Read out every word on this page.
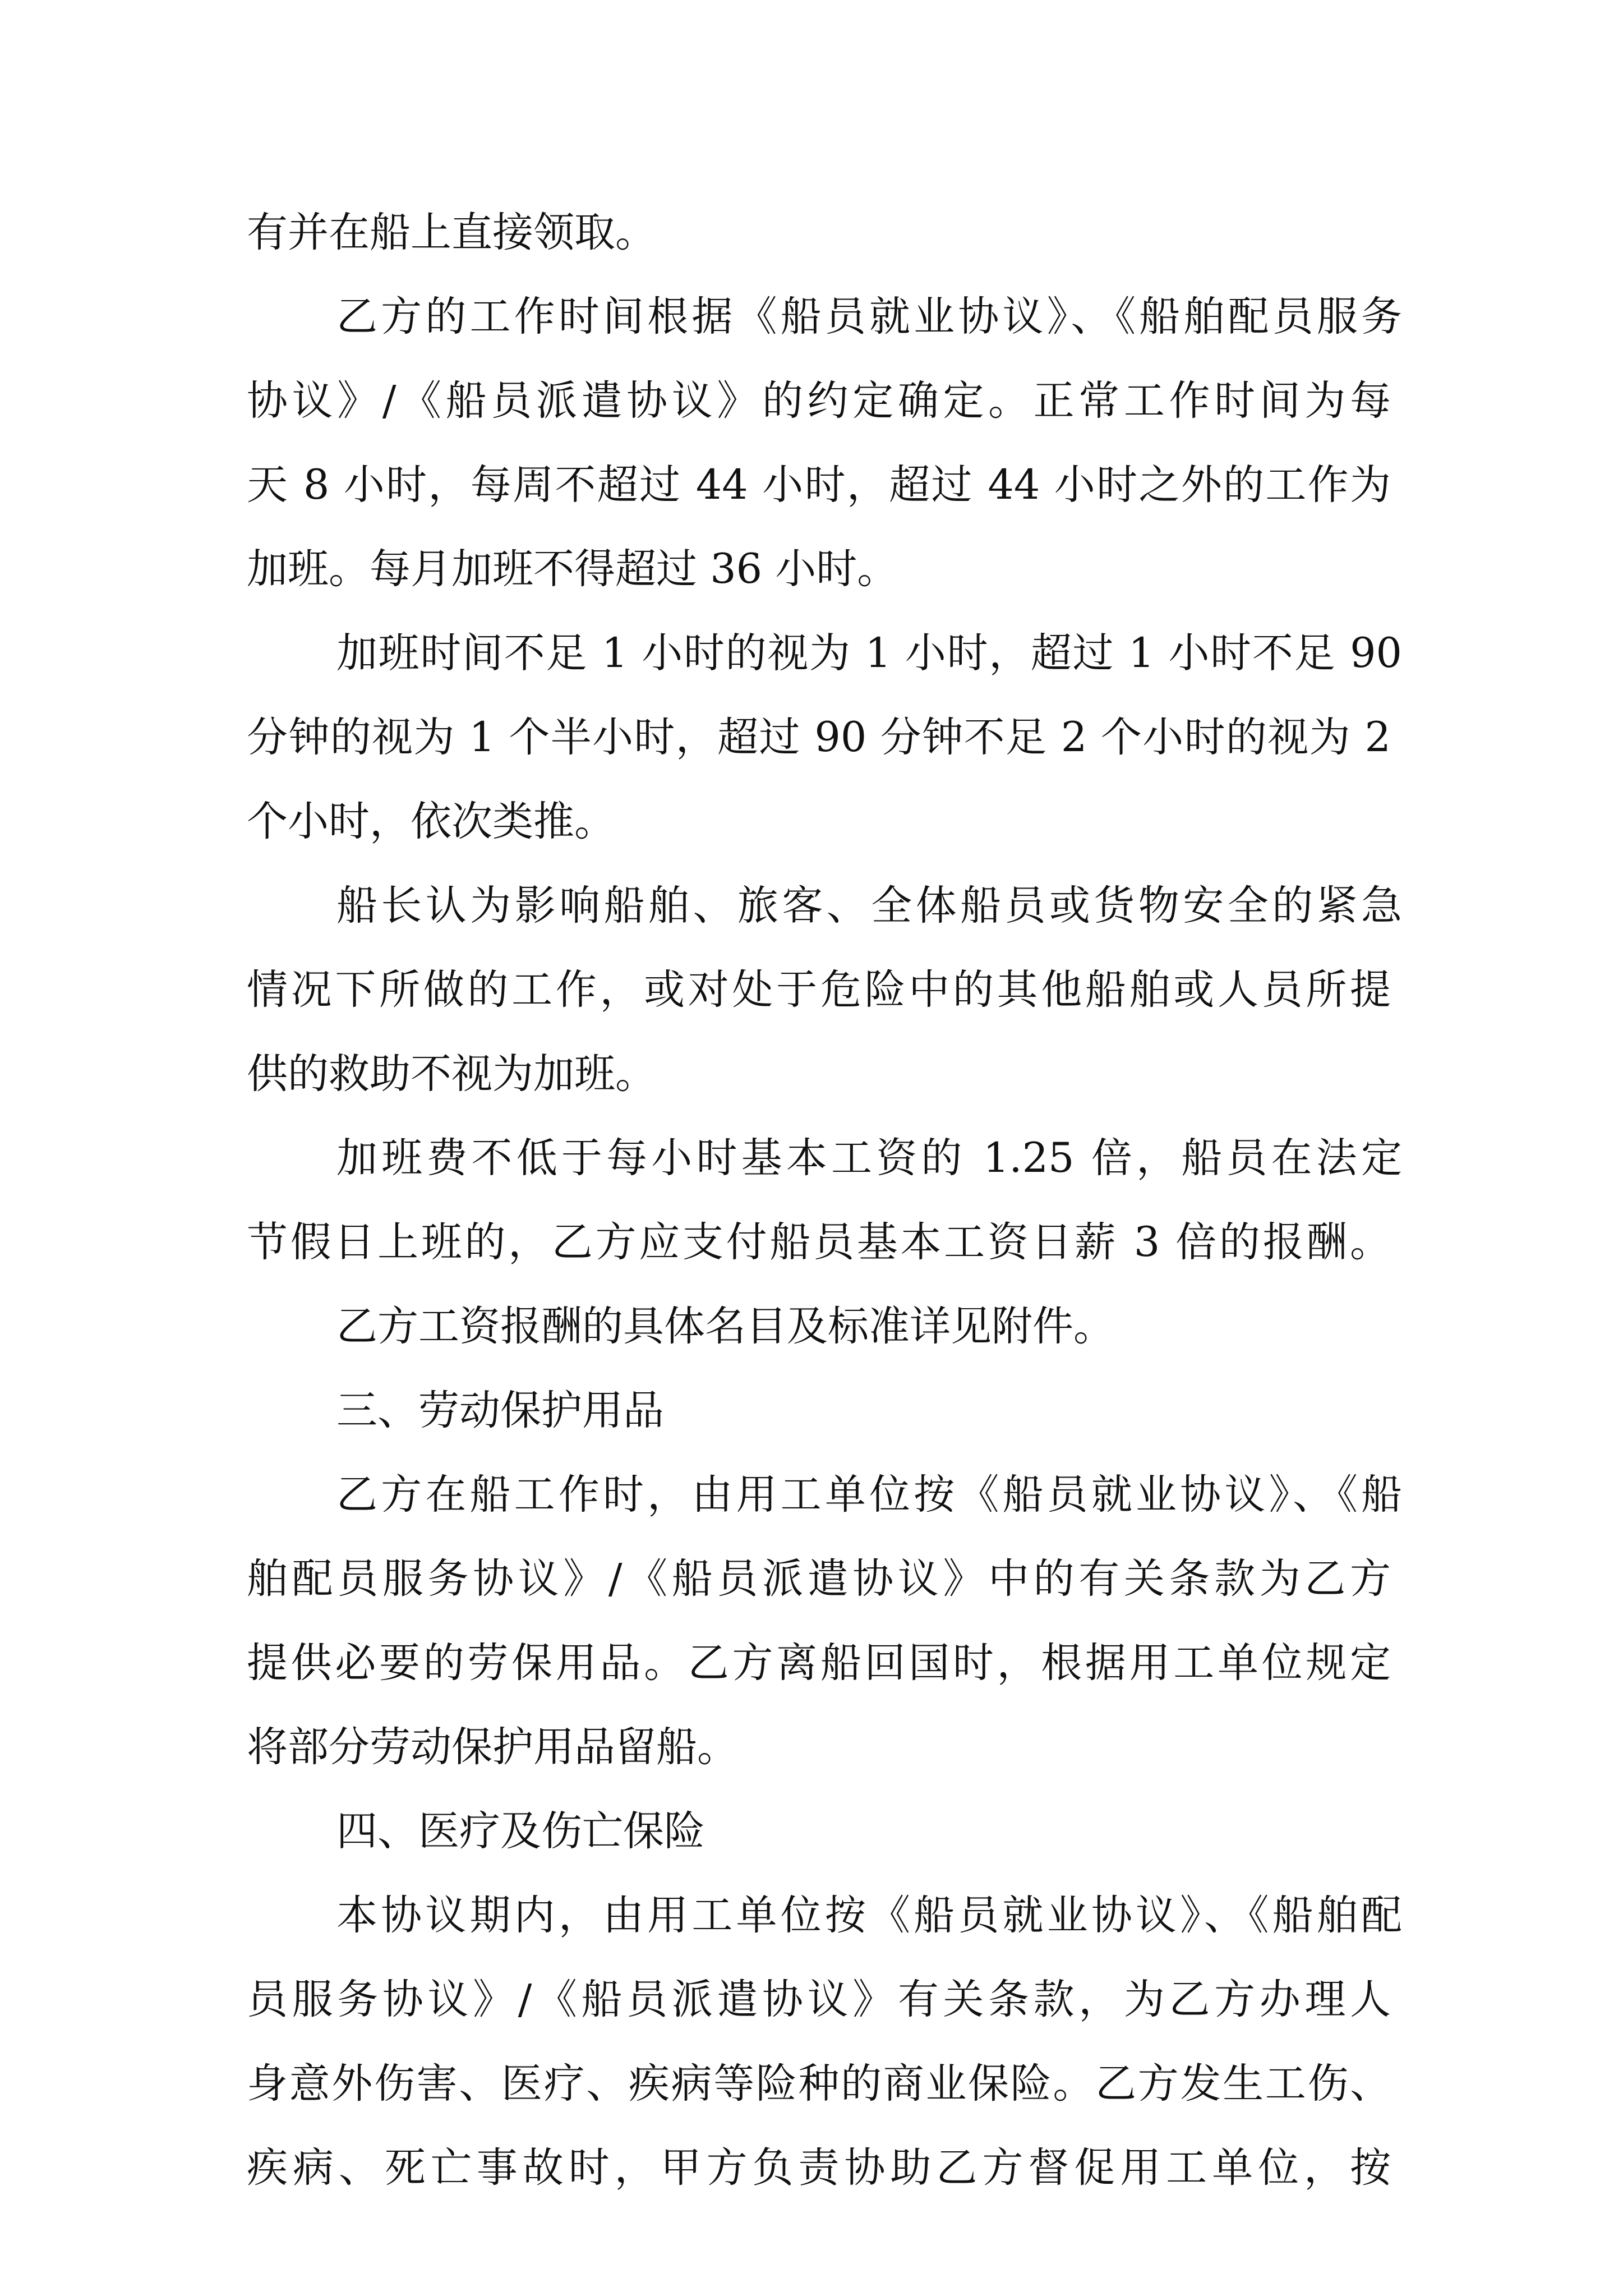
有并在船上直接领取。
乙方的工作时间根据《船员就业协议》、《船舶配员服务
协议》/《船员派遣协议》的约定确定。正常工作时间为每
天 8 小时，每周不超过 44 小时，超过 44 小时之外的工作为
加班。每月加班不得超过 36 小时。
加班时间不足 1 小时的视为 1 小时，超过 1 小时不足 90
分钟的视为 1 个半小时，超过 90 分钟不足 2 个小时的视为 2
个小时，依次类推。
船长认为影响船舶、旅客、全体船员或货物安全的紧急
情况下所做的工作，或对处于危险中的其他船舶或人员所提
供的救助不视为加班。
加班费不低于每小时基本工资的 1.25 倍，船员在法定
节假日上班的，乙方应支付船员基本工资日薪 3 倍的报酬。
乙方工资报酬的具体名目及标准详见附件。
三、劳动保护用品
乙方在船工作时，由用工单位按《船员就业协议》、《船
舶配员服务协议》/《船员派遣协议》中的有关条款为乙方
提供必要的劳保用品。乙方离船回国时，根据用工单位规定
将部分劳动保护用品留船。
四、医疗及伤亡保险
本协议期内，由用工单位按《船员就业协议》、《船舶配
员服务协议》/《船员派遣协议》有关条款，为乙方办理人
身意外伤害、医疗、疾病等险种的商业保险。乙方发生工伤、
疾病、死亡事故时，甲方负责协助乙方督促用工单位，按
